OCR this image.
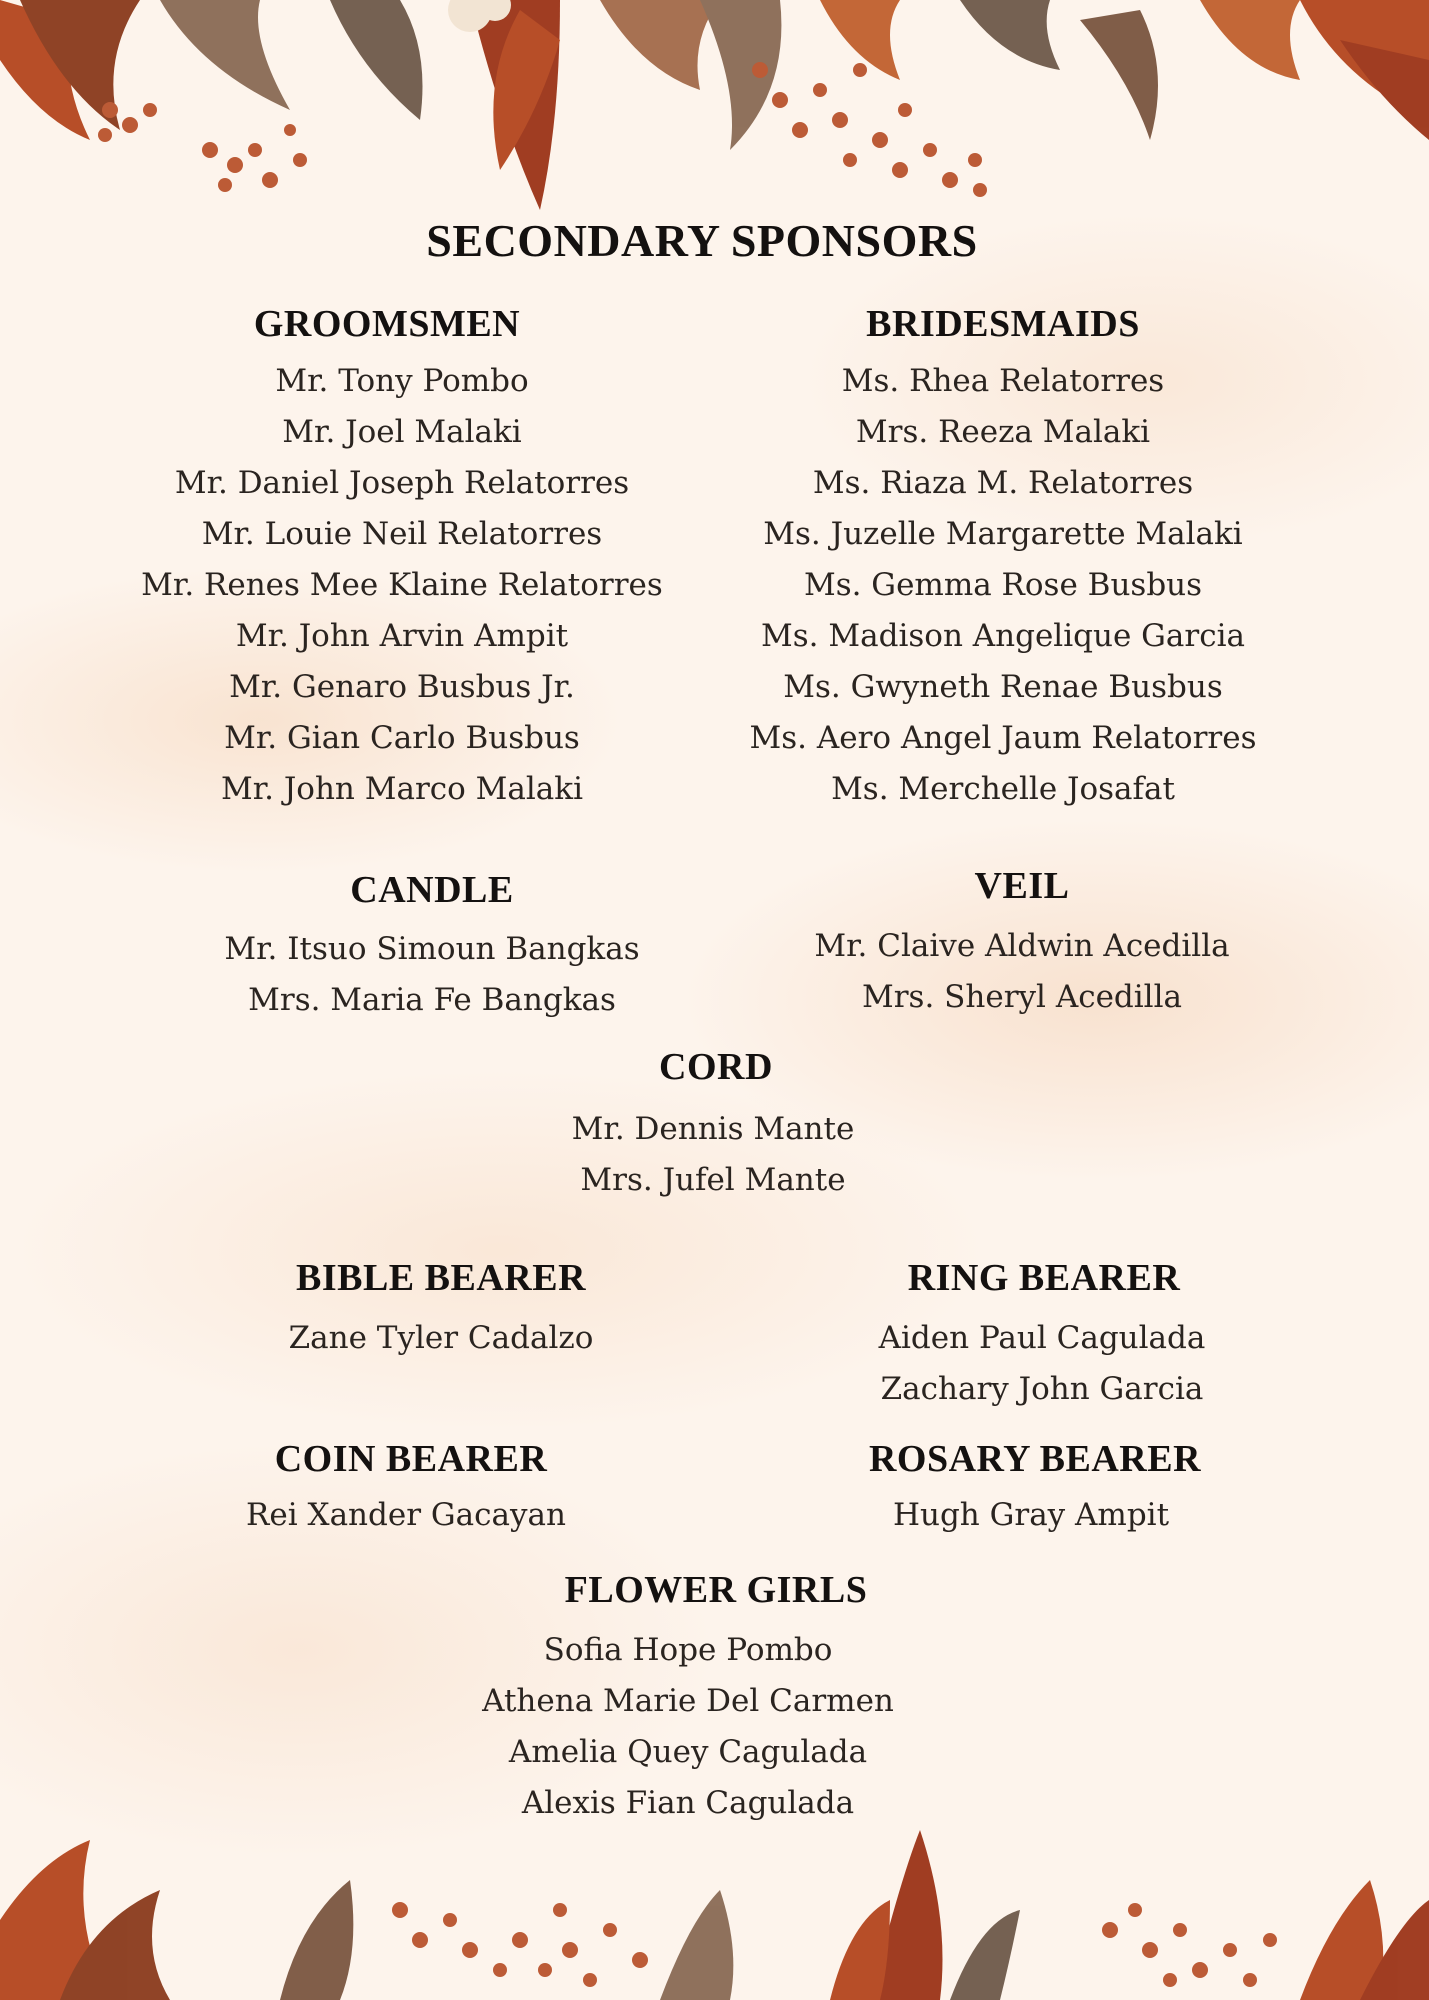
SECONDARY SPONSORS
GROOMSMEN
Mr. Tony Pombo
Mr. Joel Malaki
Mr. Daniel Joseph Relatorres
Mr. Louie Neil Relatorres
Mr. Renes Mee Klaine Relatorres
Mr. John Arvin Ampit
Mr. Genaro Busbus Jr.
Mr. Gian Carlo Busbus
Mr. John Marco Malaki
BRIDESMAIDS
Ms. Rhea Relatorres
Mrs. Reeza Malaki
Ms. Riaza M. Relatorres
Ms. Juzelle Margarette Malaki
Ms. Gemma Rose Busbus
Ms. Madison Angelique Garcia
Ms. Gwyneth Renae Busbus
Ms. Aero Angel Jaum Relatorres
Ms. Merchelle Josafat
CANDLE
Mr. Itsuo Simoun Bangkas
Mrs. Maria Fe Bangkas
VEIL
Mr. Claive Aldwin Acedilla
Mrs. Sheryl Acedilla
CORD
Mr. Dennis Mante
Mrs. Jufel Mante
BIBLE BEARER
Zane Tyler Cadalzo
RING BEARER
Aiden Paul Cagulada
Zachary John Garcia
COIN BEARER
Rei Xander Gacayan
ROSARY BEARER
Hugh Gray Ampit
FLOWER GIRLS
Sofia Hope Pombo
Athena Marie Del Carmen
Amelia Quey Cagulada
Alexis Fian Cagulada
